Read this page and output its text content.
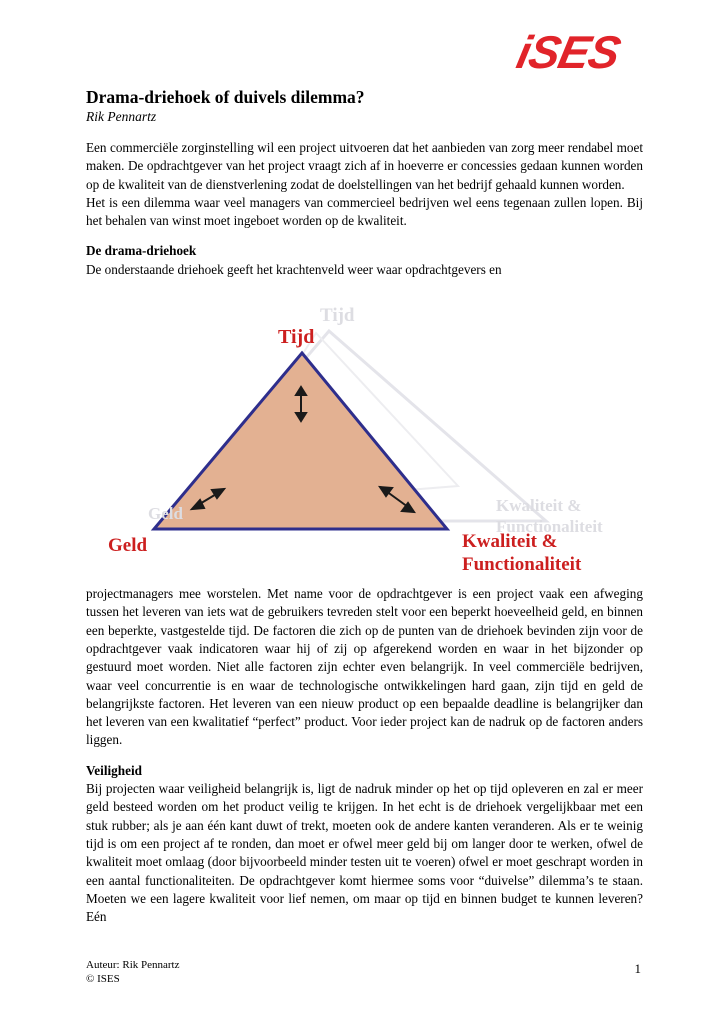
iSES
Drama-driehoek of duivels dilemma?
Rik Pennartz

Een commerciële zorginstelling wil een project uitvoeren dat het aanbieden van zorg meer rendabel moet maken. De opdrachtgever van het project vraagt zich af in hoeverre er concessies gedaan kunnen worden op de kwaliteit van de dienstverlening zodat de doelstellingen van het bedrijf gehaald kunnen worden.

Het is een dilemma waar veel managers van commercieel bedrijven wel eens tegenaan zullen lopen. Bij het behalen van winst moet ingeboet worden op de kwaliteit.

De drama-driehoek

De onderstaande driehoek geeft het krachtenveld weer waar opdrachtgevers en

Tijd
Geld	Kwaliteit &
Functionaliteit
Tijd
Geld	Kwaliteit &
Functionaliteit

projectmanagers mee worstelen. Met name voor de opdrachtgever is een project vaak een afweging tussen het leveren van iets wat de gebruikers tevreden stelt voor een beperkt hoeveelheid geld, en binnen een beperkte, vastgestelde tijd. De factoren die zich op de punten van de driehoek bevinden zijn voor de opdrachtgever vaak indicatoren waar hij of zij op afgerekend worden en waar in het bijzonder op gestuurd moet worden. Niet alle factoren zijn echter even belangrijk. In veel commerciële bedrijven, waar veel concurrentie is en waar de technologische ontwikkelingen hard gaan, zijn tijd en geld de belangrijkste factoren. Het leveren van een nieuw product op een bepaalde deadline is belangrijker dan het leveren van een kwalitatief “perfect” product. Voor ieder project kan de nadruk op de factoren anders liggen.

Veiligheid

Bij projecten waar veiligheid belangrijk is, ligt de nadruk minder op het op tijd opleveren en zal er meer geld besteed worden om het product veilig te krijgen. In het echt is de driehoek vergelijkbaar met een stuk rubber; als je aan één kant duwt of trekt, moeten ook de andere kanten veranderen. Als er te weinig tijd is om een project af te ronden, dan moet er ofwel meer geld bij om langer door te werken, ofwel de kwaliteit moet omlaag (door bijvoorbeeld minder testen uit te voeren) ofwel er moet geschrapt worden in een aantal functionaliteiten. De opdrachtgever komt hiermee soms voor “duivelse” dilemma’s te staan. Moeten we een lagere kwaliteit voor lief nemen, om maar op tijd en binnen budget te kunnen leveren? Eén

Auteur: Rik Pennartz
© ISES
1
